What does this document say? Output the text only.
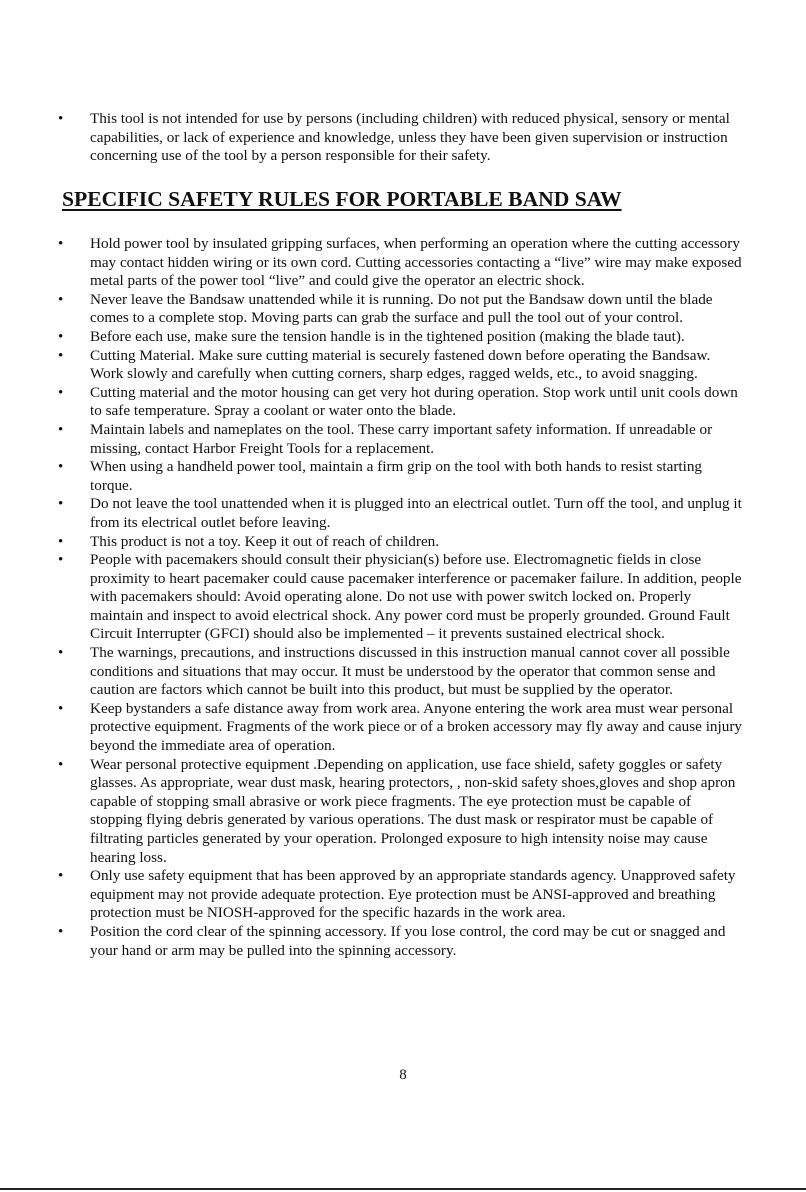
• This tool is not intended for use by persons (including children) with reduced physical, sensory or mental capabilities, or lack of experience and knowledge, unless they have been given supervision or instruction concerning use of the tool by a person responsible for their safety.
SPECIFIC SAFETY RULES FOR PORTABLE BAND SAW
• Hold power tool by insulated gripping surfaces, when performing an operation where the cutting accessory may contact hidden wiring or its own cord. Cutting accessories contacting a “live” wire may make exposed metal parts of the power tool “live” and could give the operator an electric shock.
• Never leave the Bandsaw unattended while it is running. Do not put the Bandsaw down until the blade comes to a complete stop. Moving parts can grab the surface and pull the tool out of your control.
• Before each use, make sure the tension handle is in the tightened position (making the blade taut).
• Cutting Material. Make sure cutting material is securely fastened down before operating the Bandsaw. Work slowly and carefully when cutting corners, sharp edges, ragged welds, etc., to avoid snagging.
• Cutting material and the motor housing can get very hot during operation. Stop work until unit cools down to safe temperature. Spray a coolant or water onto the blade.
• Maintain labels and nameplates on the tool. These carry important safety information. If unreadable or missing, contact Harbor Freight Tools for a replacement.
• When using a handheld power tool, maintain a firm grip on the tool with both hands to resist starting torque.
• Do not leave the tool unattended when it is plugged into an electrical outlet. Turn off the tool, and unplug it from its electrical outlet before leaving.
• This product is not a toy. Keep it out of reach of children.
• People with pacemakers should consult their physician(s) before use. Electromagnetic fields in close proximity to heart pacemaker could cause pacemaker interference or pacemaker failure. In addition, people with pacemakers should: Avoid operating alone. Do not use with power switch locked on. Properly maintain and inspect to avoid electrical shock. Any power cord must be properly grounded. Ground Fault Circuit Interrupter (GFCI) should also be implemented – it prevents sustained electrical shock.
• The warnings, precautions, and instructions discussed in this instruction manual cannot cover all possible conditions and situations that may occur. It must be understood by the operator that common sense and caution are factors which cannot be built into this product, but must be supplied by the operator.
• Keep bystanders a safe distance away from work area. Anyone entering the work area must wear personal protective equipment. Fragments of the work piece or of a broken accessory may fly away and cause injury beyond the immediate area of operation.
• Wear personal protective equipment .Depending on application, use face shield, safety goggles or safety glasses. As appropriate, wear dust mask, hearing protectors, , non-skid safety shoes,gloves and shop apron capable of stopping small abrasive or work piece fragments. The eye protection must be capable of stopping flying debris generated by various operations. The dust mask or respirator must be capable of filtrating particles generated by your operation. Prolonged exposure to high intensity noise may cause hearing loss.
• Only use safety equipment that has been approved by an appropriate standards agency. Unapproved safety equipment may not provide adequate protection. Eye protection must be ANSI-approved and breathing protection must be NIOSH-approved for the specific hazards in the work area.
• Position the cord clear of the spinning accessory. If you lose control, the cord may be cut or snagged and your hand or arm may be pulled into the spinning accessory.
8
